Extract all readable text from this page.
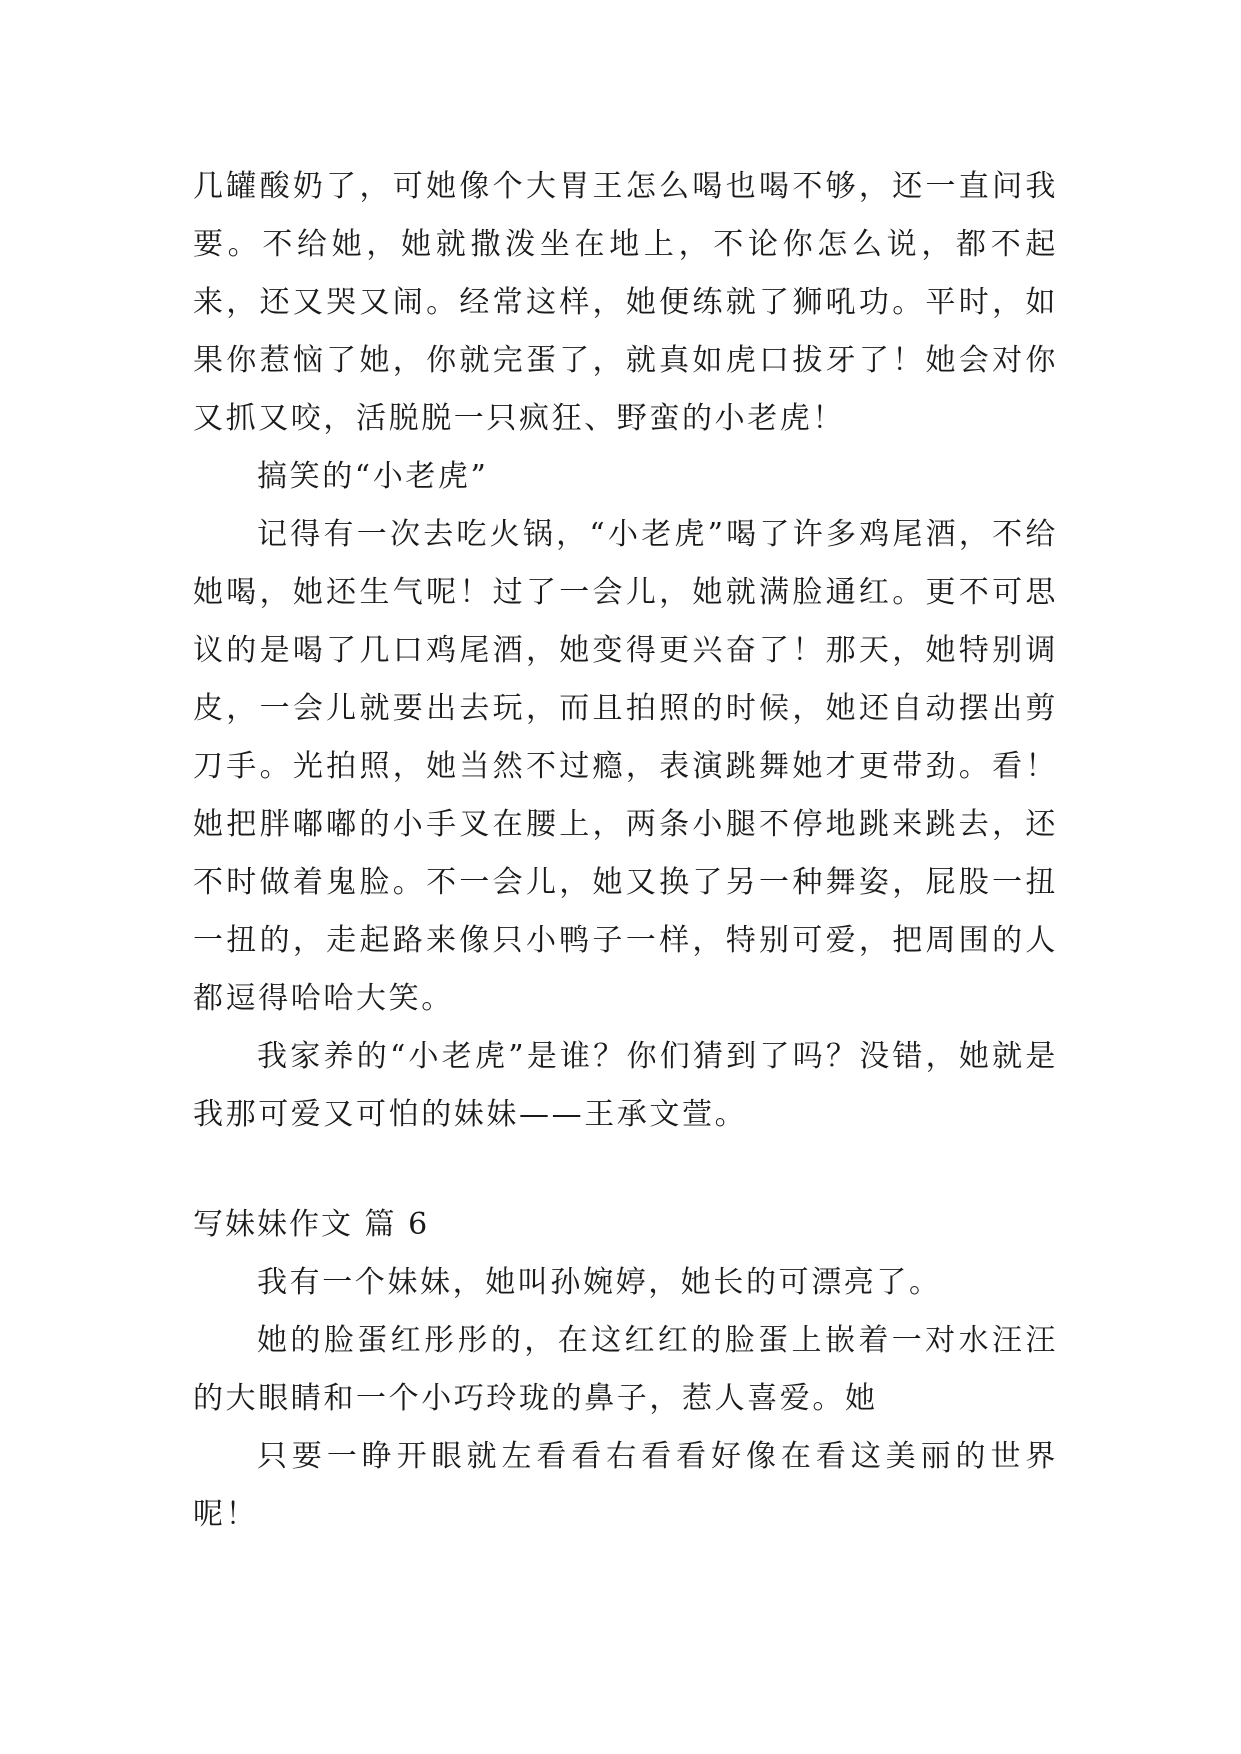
几罐酸奶了，可她像个大胃王怎么喝也喝不够，还一直问我要。不给她，她就撒泼坐在地上，不论你怎么说，都不起来，还又哭又闹。经常这样，她便练就了狮吼功。平时，如果你惹恼了她，你就完蛋了，就真如虎口拔牙了！她会对你又抓又咬，活脱脱一只疯狂、野蛮的小老虎！

搞笑的“小老虎”

记得有一次去吃火锅，“小老虎”喝了许多鸡尾酒，不给她喝，她还生气呢！过了一会儿，她就满脸通红。更不可思议的是喝了几口鸡尾酒，她变得更兴奋了！那天，她特别调皮，一会儿就要出去玩，而且拍照的时候，她还自动摆出剪刀手。光拍照，她当然不过瘾，表演跳舞她才更带劲。看！她把胖嘟嘟的小手叉在腰上，两条小腿不停地跳来跳去，还不时做着鬼脸。不一会儿，她又换了另一种舞姿，屁股一扭一扭的，走起路来像只小鸭子一样，特别可爱，把周围的人都逗得哈哈大笑。

我家养的“小老虎”是谁？你们猜到了吗？没错，她就是我那可爱又可怕的妹妹——王承文萱。

写妹妹作文 篇 6

我有一个妹妹，她叫孙婉婷，她长的可漂亮了。

她的脸蛋红彤彤的，在这红红的脸蛋上嵌着一对水汪汪的大眼睛和一个小巧玲珑的鼻子，惹人喜爱。她

只要一睁开眼就左看看右看看好像在看这美丽的世界呢！
